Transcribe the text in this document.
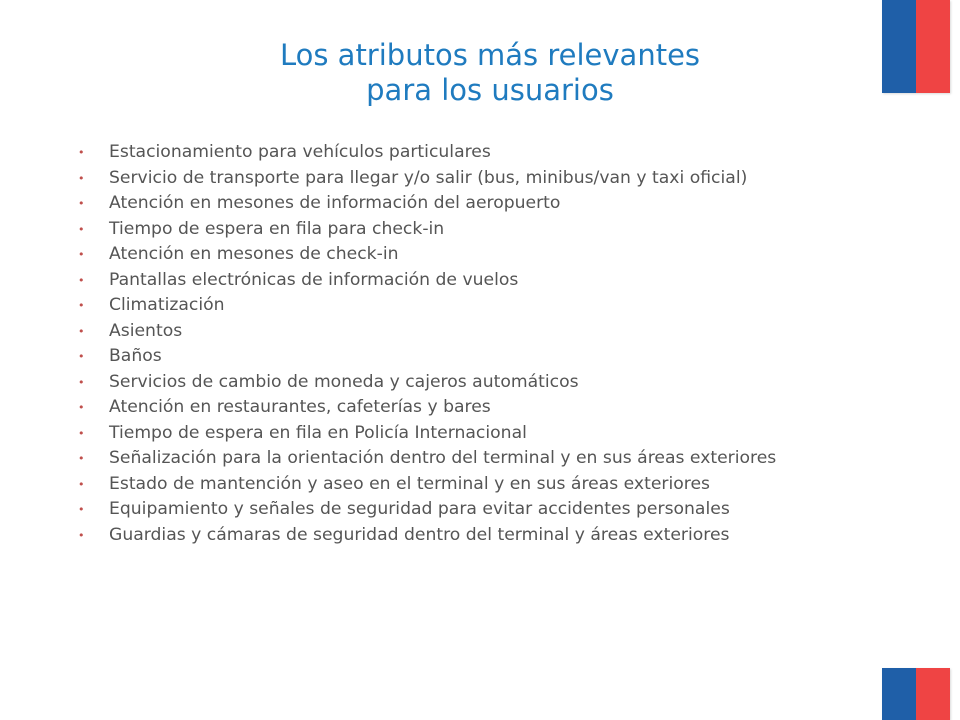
Los atributos más relevantes
para los usuarios
• Estacionamiento para vehículos particulares
• Servicio de transporte para llegar y/o salir (bus, minibus/van y taxi oficial)
• Atención en mesones de información del aeropuerto
• Tiempo de espera en fila para check-in
• Atención en mesones de check-in
• Pantallas electrónicas de información de vuelos
• Climatización
• Asientos
• Baños
• Servicios de cambio de moneda y cajeros automáticos
• Atención en restaurantes, cafeterías y bares
• Tiempo de espera en fila en Policía Internacional
• Señalización para la orientación dentro del terminal y en sus áreas exteriores
• Estado de mantención y aseo en el terminal y en sus áreas exteriores
• Equipamiento y señales de seguridad para evitar accidentes personales
• Guardias y cámaras de seguridad dentro del terminal y áreas exteriores
